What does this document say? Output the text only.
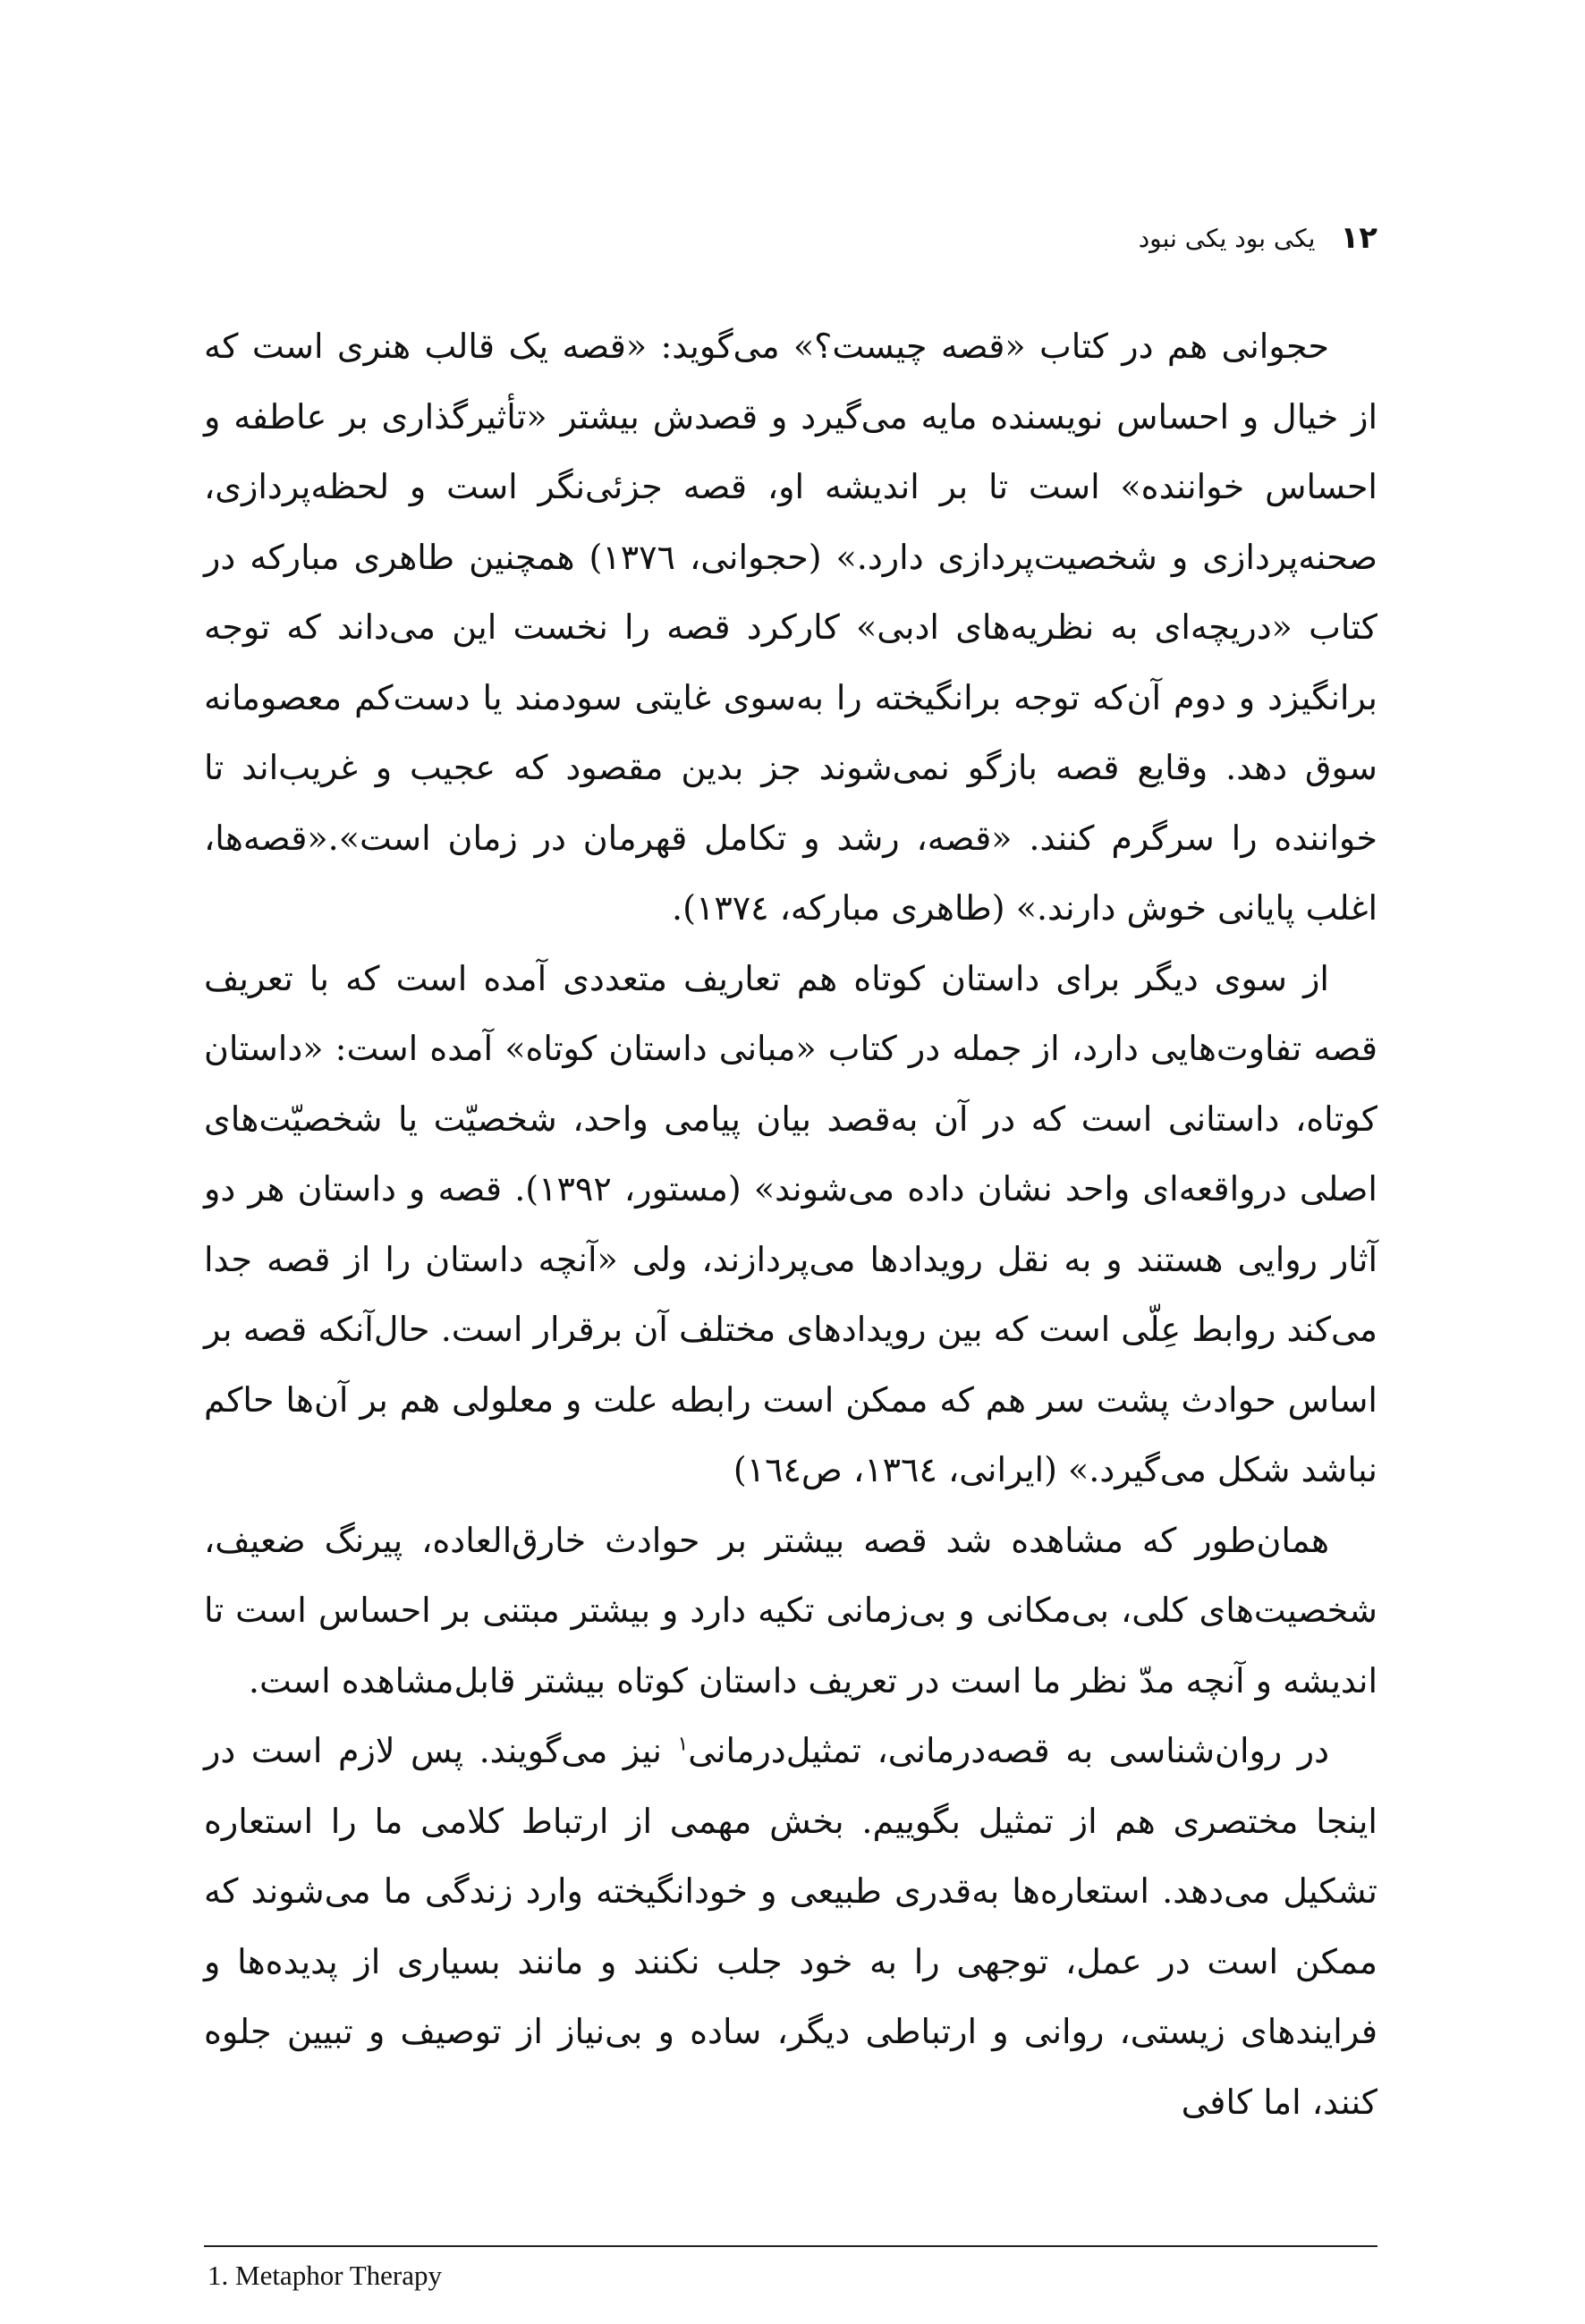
۱۲
یکی بود یکی نبود

حجوانی هم در کتاب «قصه چیست؟» می‌گوید: «قصه یک قالب هنری است که از خیال و احساس نویسنده مایه می‌گیرد و قصدش بیشتر «تأثیرگذاری بر عاطفه و احساس خواننده» است تا بر اندیشه او، قصه جزئی‌نگر است و لحظه‌پردازی، صحنه‌پردازی و شخصیت‌پردازی دارد.» (حجوانی، ۱۳۷٦) همچنین طاهری مبارکه در کتاب «دریچه‌ای به نظریه‌های ادبی» کارکرد قصه را نخست این می‌داند که توجه برانگیزد و دوم آن‌که توجه برانگیخته را به‌سوی غایتی سودمند یا دست‌کم معصومانه سوق دهد. وقایع قصه بازگو نمی‌شوند جز بدین مقصود که عجیب و غریب‌اند تا خواننده را سرگرم کنند. «قصه، رشد و تکامل قهرمان در زمان است».«قصه‌ها، اغلب پایانی خوش دارند.» (طاهری مبارکه، ۱۳۷٤).

از سوی دیگر برای داستان کوتاه هم تعاریف متعددی آمده است که با تعریف قصه تفاوت‌هایی دارد، از جمله در کتاب «مبانی داستان کوتاه» آمده است: «داستان کوتاه، داستانی است که در آن به‌قصد بیان پیامی واحد، شخصیّت یا شخصیّت‌های اصلی درواقعه‌ای واحد نشان داده می‌شوند» (مستور، ۱۳۹۲). قصه و داستان هر دو آثار روایی هستند و به نقل رویدادها می‌پردازند، ولی «آنچه داستان را از قصه جدا می‌کند روابط عِلّی است که بین رویدادهای مختلف آن برقرار است. حال‌آنکه قصه بر اساس حوادث پشت سر هم که ممکن است رابطه علت و معلولی هم بر آن‌ها حاکم نباشد شکل می‌گیرد.» (ایرانی، ۱۳٦٤، ص۱٦٤)

همان‌طور که مشاهده شد قصه بیشتر بر حوادث خارق‌العاده، پیرنگ ضعیف، شخصیت‌های کلی، بی‌مکانی و بی‌زمانی تکیه دارد و بیشتر مبتنی بر احساس است تا اندیشه و آنچه مدّ نظر ما است در تعریف داستان کوتاه بیشتر قابل‌مشاهده است.

در روان‌شناسی به قصه‌درمانی، تمثیل‌درمانی$^۱$ نیز می‌گویند. پس لازم است در اینجا مختصری هم از تمثیل بگوییم. بخش مهمی از ارتباط کلامی ما را استعاره تشکیل می‌دهد. استعاره‌ها به‌قدری طبیعی و خودانگیخته وارد زندگی ما می‌شوند که ممکن است در عمل، توجهی را به خود جلب نکنند و مانند بسیاری از پدیده‌ها و فرایندهای زیستی، روانی و ارتباطی دیگر، ساده و بی‌نیاز از توصیف و تبیین جلوه کنند، اما کافی

1. Metaphor Therapy
